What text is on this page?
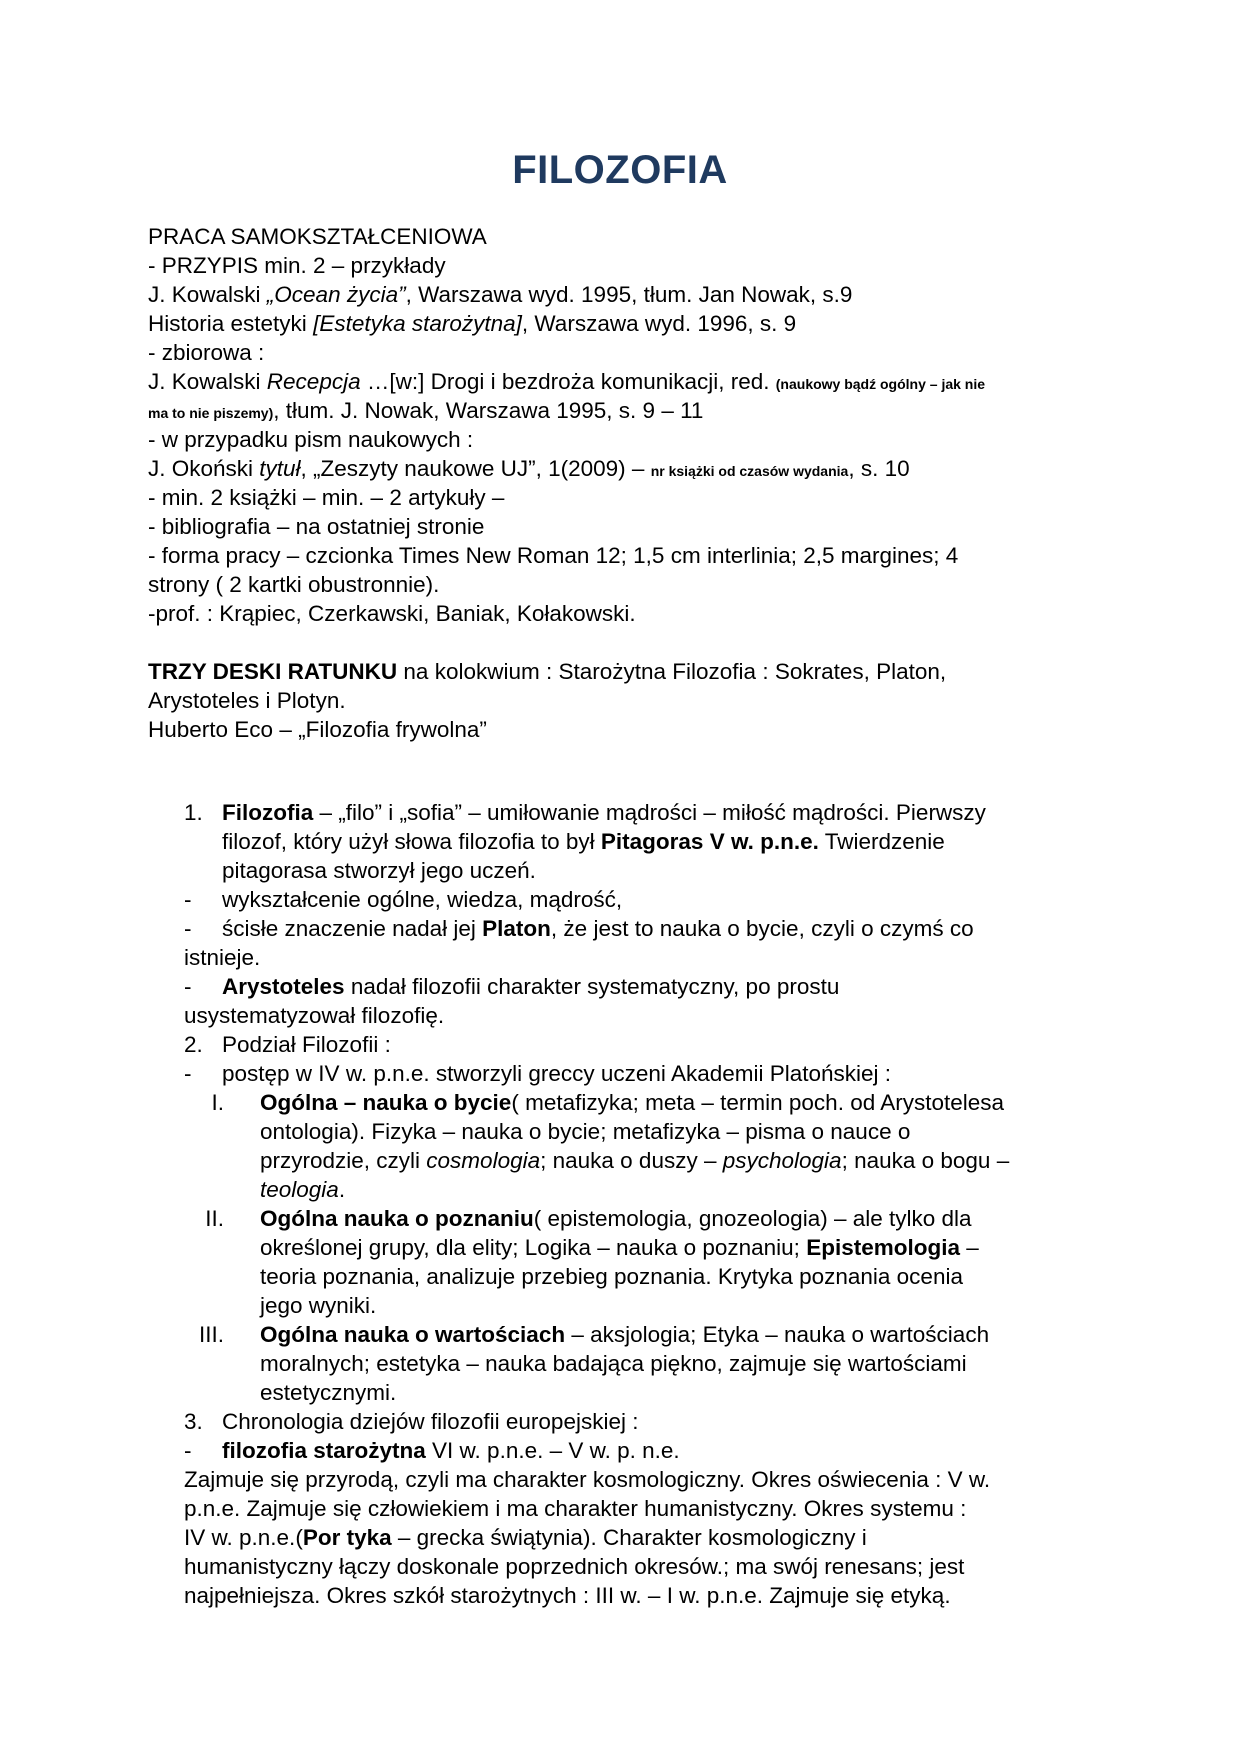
FILOZOFIA
PRACA SAMOKSZTAŁCENIOWA
- PRZYPIS min. 2 – przykłady
J. Kowalski „Ocean życia”, Warszawa wyd. 1995, tłum. Jan Nowak, s.9
Historia estetyki [Estetyka starożytna], Warszawa wyd. 1996, s. 9
- zbiorowa :
J. Kowalski Recepcja …[w:] Drogi i bezdroża komunikacji, red. (naukowy bądź ogólny – jak nie
ma to nie piszemy), tłum. J. Nowak, Warszawa 1995, s. 9 – 11
- w przypadku pism naukowych :
J. Okoński tytuł, „Zeszyty naukowe UJ”, 1(2009) – nr książki od czasów wydania, s. 10
- min. 2 książki – min. – 2 artykuły –
- bibliografia – na ostatniej stronie
- forma pracy – czcionka Times New Roman 12; 1,5 cm interlinia; 2,5 margines; 4
strony ( 2 kartki obustronnie).
-prof. : Krąpiec, Czerkawski, Baniak, Kołakowski.
TRZY DESKI RATUNKU na kolokwium : Starożytna Filozofia : Sokrates, Platon,
Arystoteles i Plotyn.
Huberto Eco – „Filozofia frywolna”
1. Filozofia – „filo” i „sofia” – umiłowanie mądrości – miłość mądrości. Pierwszy
filozof, który użył słowa filozofia to był Pitagoras V w. p.n.e. Twierdzenie
pitagorasa stworzył jego uczeń.
- wykształcenie ogólne, wiedza, mądrość,
- ścisłe znaczenie nadał jej Platon, że jest to nauka o bycie, czyli o czymś co
istnieje.
- Arystoteles nadał filozofii charakter systematyczny, po prostu
usystematyzował filozofię.
2. Podział Filozofii :
- postęp w IV w. p.n.e. stworzyli greccy uczeni Akademii Platońskiej :
I.	Ogólna – nauka o bycie( metafizyka; meta – termin poch. od Arystotelesa
ontologia). Fizyka – nauka o bycie; metafizyka – pisma o nauce o
przyrodzie, czyli cosmologia; nauka o duszy – psychologia; nauka o bogu –
teologia.
II.	Ogólna nauka o poznaniu( epistemologia, gnozeologia) – ale tylko dla
określonej grupy, dla elity; Logika – nauka o poznaniu; Epistemologia –
teoria poznania, analizuje przebieg poznania. Krytyka poznania ocenia
jego wyniki.
III.	Ogólna nauka o wartościach – aksjologia; Etyka – nauka o wartościach
moralnych; estetyka – nauka badająca piękno, zajmuje się wartościami
estetycznymi.
3. Chronologia dziejów filozofii europejskiej :
- filozofia starożytna VI w. p.n.e. – V w. p. n.e.
Zajmuje się przyrodą, czyli ma charakter kosmologiczny. Okres oświecenia : V w.
p.n.e. Zajmuje się człowiekiem i ma charakter humanistyczny. Okres systemu :
IV w. p.n.e.(Por tyka – grecka świątynia). Charakter kosmologiczny i
humanistyczny łączy doskonale poprzednich okresów.; ma swój renesans; jest
najpełniejsza. Okres szkół starożytnych : III w. – I w. p.n.e. Zajmuje się etyką.
